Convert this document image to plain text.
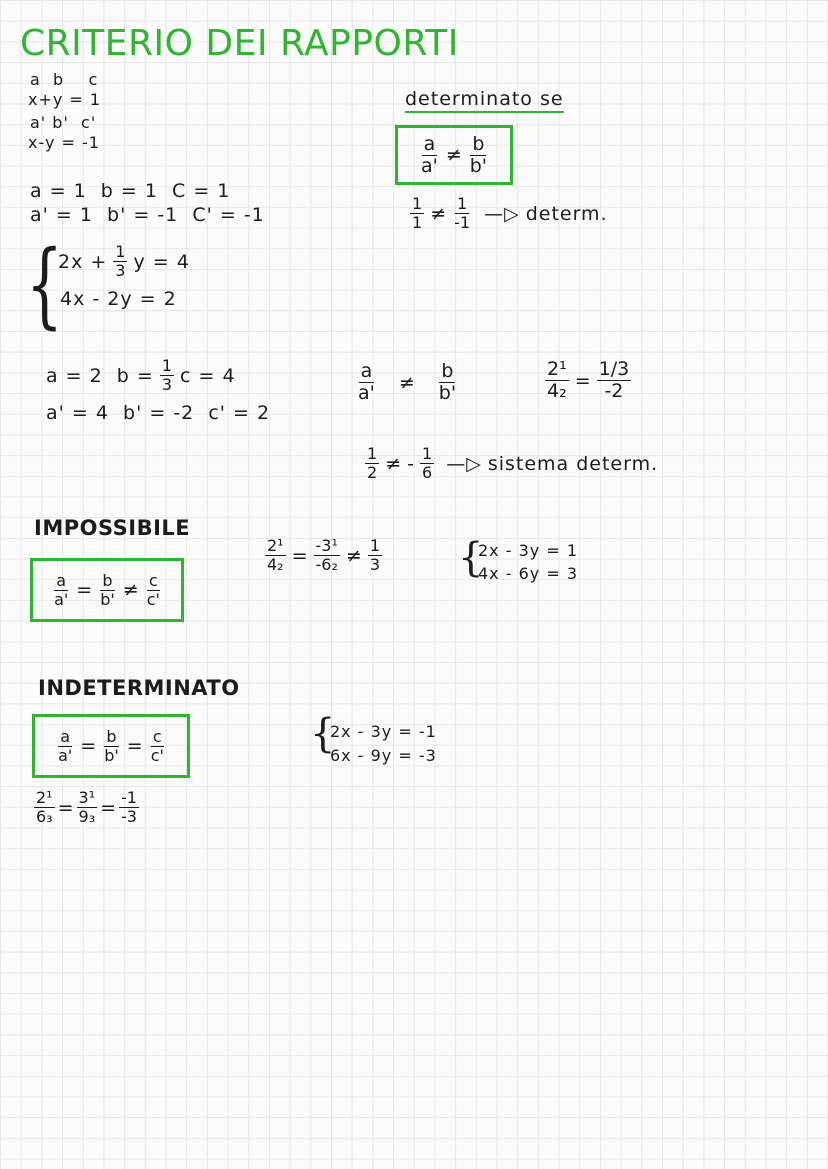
CRITERIO DEI RAPPORTI
a  b    c
x+y = 1
a' b'  c'
x-y = -1
a = 1  b = 1  C = 1
a' = 1  b' = -1  C' = -1
determinato se
$\frac{a}{a'} \ne \frac{b}{b'}$
$\frac{1}{1} \ne \frac{1}{-1}$ —▷ determ.
{
$2x + \frac{1}{3}$ y = 4
4x - 2y = 2
a = 2  $b = \frac{1}{3}$ c = 4
a' = 4  b' = -2  c' = 2
$\frac{a}{a'} \ne \frac{b}{b'}$	$\frac{\text{2¹}}{\text{4₂}} = \frac{1/3}{-2}$
$\frac{1}{2}$ ≠ - $\frac{1}{6}$ —▷ sistema determ.
IMPOSSIBILE
$\frac{a}{a'} = \frac{b}{b'} \ne \frac{c}{c'}$
$\frac{\text{2¹}}{\text{4₂}} = \frac{\text{-3¹}}{\text{-6₂}} \ne \frac{1}{3}$ {
2x - 3y = 1
4x - 6y = 3
INDETERMINATO
$\frac{a}{a'} = \frac{b}{b'} = \frac{c}{c'}$
$\frac{\text{2¹}}{\text{6₃}} = \frac{\text{3¹}}{\text{9₃}} = \frac{-1}{-3}$
{
2x - 3y = -1
6x - 9y = -3
